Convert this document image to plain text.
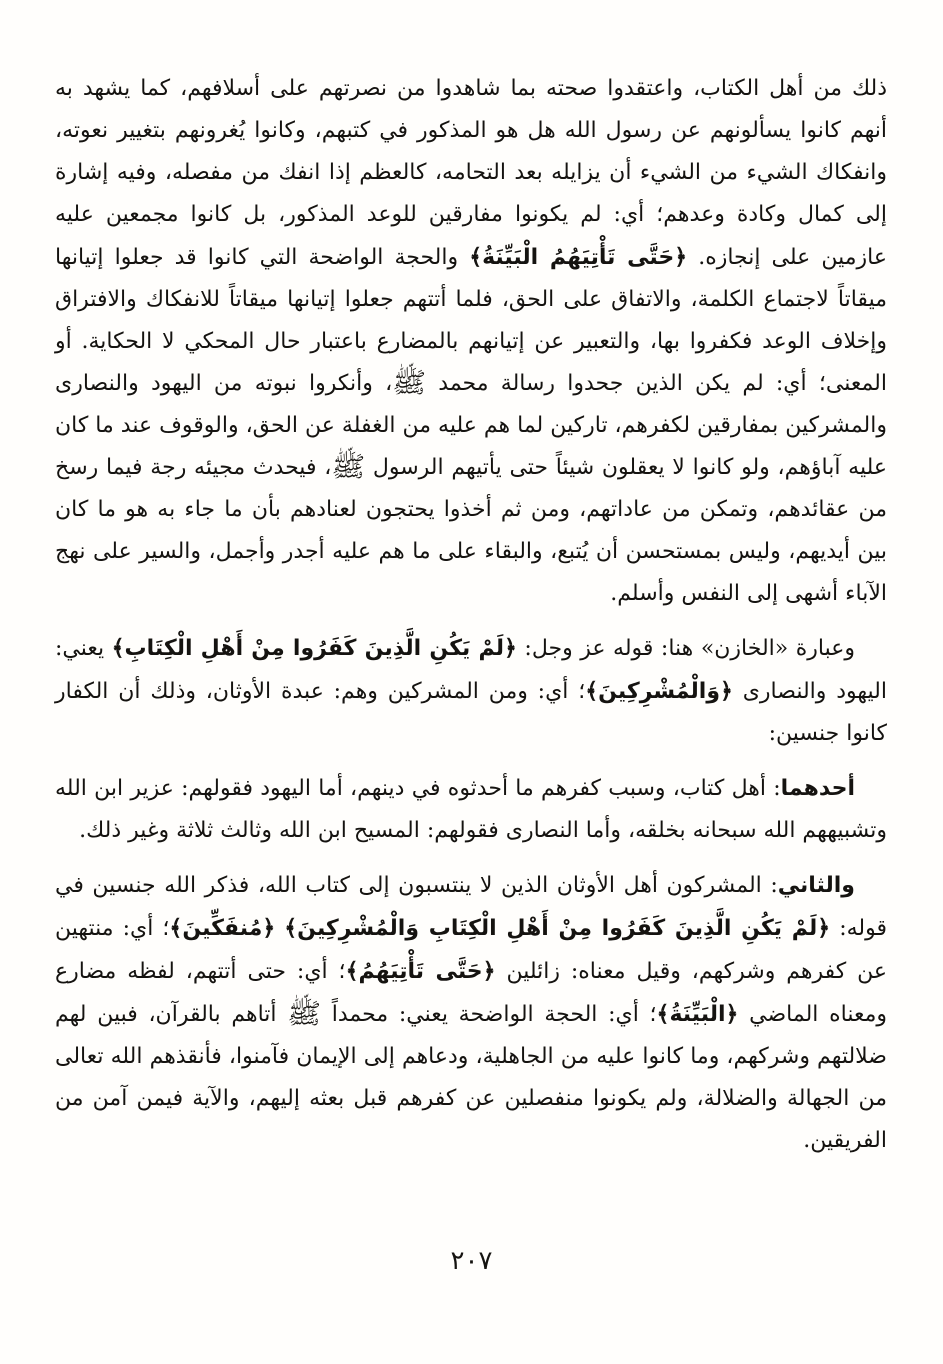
ذلك من أهل الكتاب، واعتقدوا صحته بما شاهدوا من نصرتهم على أسلافهم، كما يشهد به أنهم كانوا يسألونهم عن رسول الله هل هو المذكور في كتبهم، وكانوا يُغرونهم بتغيير نعوته، وانفكاك الشيء من الشيء أن يزايله بعد التحامه، كالعظم إذا انفك من مفصله، وفيه إشارة إلى كمال وكادة وعدهم؛ أي: لم يكونوا مفارقين للوعد المذكور، بل كانوا مجمعين عليه عازمين على إنجازه. ﴿حَتَّى تَأْتِيَهُمُ الْبَيِّنَةُ﴾ والحجة الواضحة التي كانوا قد جعلوا إتيانها ميقاتاً لاجتماع الكلمة، والاتفاق على الحق، فلما أتتهم جعلوا إتيانها ميقاتاً للانفكاك والافتراق وإخلاف الوعد فكفروا بها، والتعبير عن إتيانهم بالمضارع باعتبار حال المحكي لا الحكاية. أو المعنى؛ أي: لم يكن الذين جحدوا رسالة محمد ﷺ، وأنكروا نبوته من اليهود والنصارى والمشركين بمفارقين لكفرهم، تاركين لما هم عليه من الغفلة عن الحق، والوقوف عند ما كان عليه آباؤهم، ولو كانوا لا يعقلون شيئاً حتى يأتيهم الرسول ﷺ، فيحدث مجيئه رجة فيما رسخ من عقائدهم، وتمكن من عاداتهم، ومن ثم أخذوا يحتجون لعنادهم بأن ما جاء به هو ما كان بين أيديهم، وليس بمستحسن أن يُتبع، والبقاء على ما هم عليه أجدر وأجمل، والسير على نهج الآباء أشهى إلى النفس وأسلم.

وعبارة «الخازن» هنا: قوله عز وجل: ﴿لَمْ يَكُنِ الَّذِينَ كَفَرُوا مِنْ أَهْلِ الْكِتَابِ﴾ يعني: اليهود والنصارى ﴿وَالْمُشْرِكِينَ﴾؛ أي: ومن المشركين وهم: عبدة الأوثان، وذلك أن الكفار كانوا جنسين:

أحدهما: أهل كتاب، وسبب كفرهم ما أحدثوه في دينهم، أما اليهود فقولهم: عزير ابن الله وتشبيههم الله سبحانه بخلقه، وأما النصارى فقولهم: المسيح ابن الله وثالث ثلاثة وغير ذلك.

والثاني: المشركون أهل الأوثان الذين لا ينتسبون إلى كتاب الله، فذكر الله جنسين في قوله: ﴿لَمْ يَكُنِ الَّذِينَ كَفَرُوا مِنْ أَهْلِ الْكِتَابِ وَالْمُشْرِكِينَ﴾ ﴿مُنفَكِّينَ﴾؛ أي: منتهين عن كفرهم وشركهم، وقيل معناه: زائلين ﴿حَتَّى تَأْتِيَهُمُ﴾؛ أي: حتى أتتهم، لفظه مضارع ومعناه الماضي ﴿الْبَيِّنَةُ﴾؛ أي: الحجة الواضحة يعني: محمداً ﷺ أتاهم بالقرآن، فبين لهم ضلالتهم وشركهم، وما كانوا عليه من الجاهلية، ودعاهم إلى الإيمان فآمنوا، فأنقذهم الله تعالى من الجهالة والضلالة، ولم يكونوا منفصلين عن كفرهم قبل بعثه إليهم، والآية فيمن آمن من الفريقين.

٢٠٧
